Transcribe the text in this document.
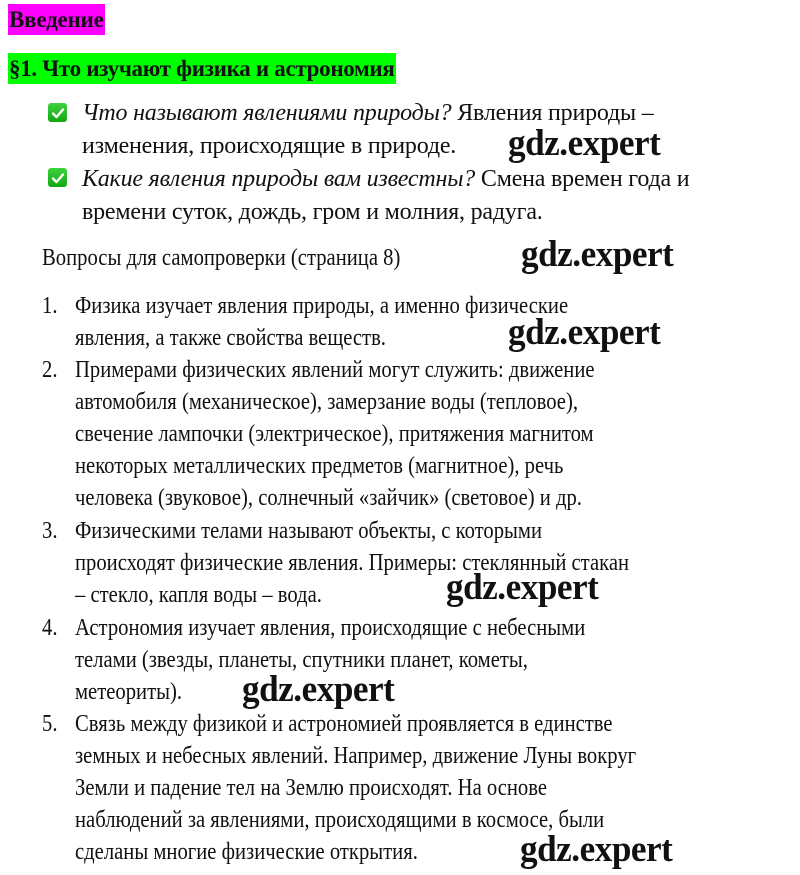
Введение
§1. Что изучают физика и астрономия
Что называют явлениями природы? Явления природы –
изменения, происходящие в природе. gdz.expert
Какие явления природы вам известны? Смена времен года и
времени суток, дождь, гром и молния, радуга.
Вопросы для самопроверки (страница 8)	gdz.expert
1. Физика изучает явления природы, а именно физические
явления, а также свойства веществ.	gdz.expert
2. Примерами физических явлений могут служить: движение
автомобиля (механическое), замерзание воды (тепловое),
свечение лампочки (электрическое), притяжения магнитом
некоторых металлических предметов (магнитное), речь
человека (звуковое), солнечный «зайчик» (световое) и др.
3. Физическими телами называют объекты, с которыми
происходят физические явления. Примеры: стеклянный стакан
– стекло, капля воды – вода.	gdz.expert
4. Астрономия изучает явления, происходящие с небесными
телами (звезды, планеты, спутники планет, кометы,
метеориты). gdz.expert
5. Связь между физикой и астрономией проявляется в единстве
земных и небесных явлений. Например, движение Луны вокруг
Земли и падение тел на Землю происходят. На основе
наблюдений за явлениями, происходящими в космосе, были
сделаны многие физические открытия.	gdz.expert
